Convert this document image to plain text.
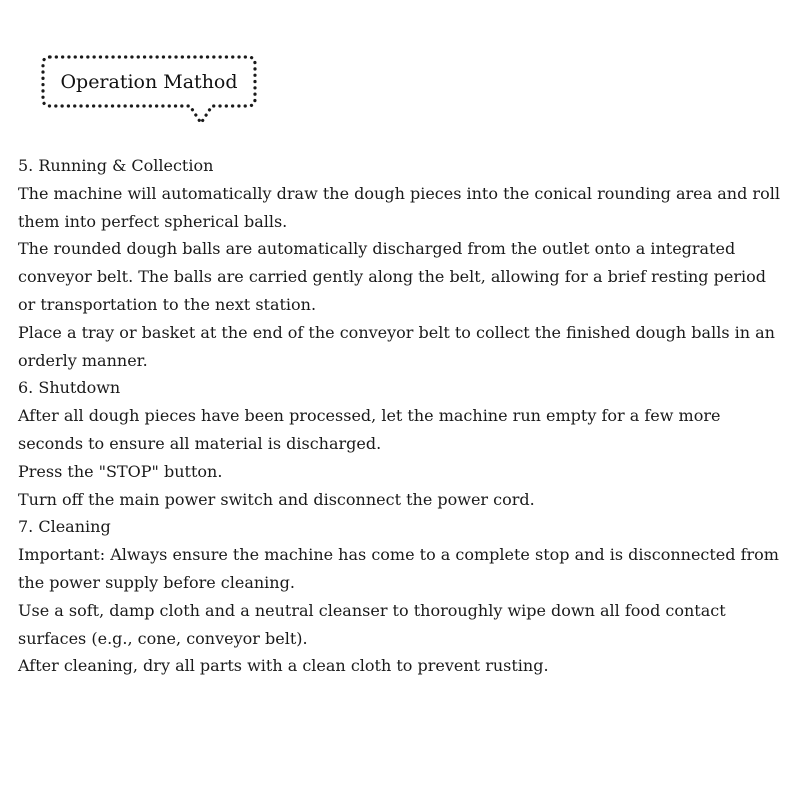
Operation Mathod

5. Running & Collection

The machine will automatically draw the dough pieces into the conical rounding area and roll them into perfect spherical balls.

The rounded dough balls are automatically discharged from the outlet onto a integrated conveyor belt. The balls are carried gently along the belt, allowing for a brief resting period or transportation to the next station.

Place a tray or basket at the end of the conveyor belt to collect the finished dough balls in an orderly manner.

6. Shutdown

After all dough pieces have been processed, let the machine run empty for a few more seconds to ensure all material is discharged.

Press the "STOP" button.

Turn off the main power switch and disconnect the power cord.

7. Cleaning

Important: Always ensure the machine has come to a complete stop and is disconnected from the power supply before cleaning.

Use a soft, damp cloth and a neutral cleanser to thoroughly wipe down all food contact surfaces (e.g., cone, conveyor belt).

After cleaning, dry all parts with a clean cloth to prevent rusting.
